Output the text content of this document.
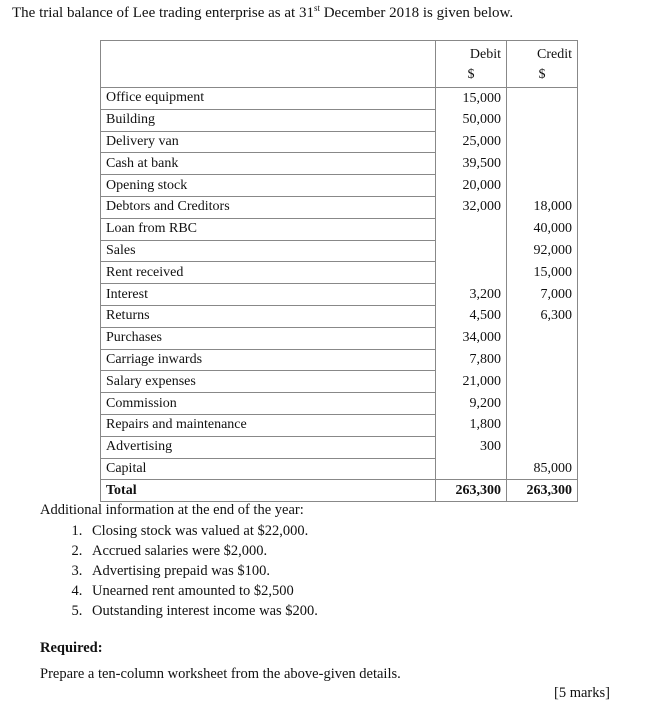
The trial balance of Lee trading enterprise as at 31st December 2018 is given below.
	Debit	Credit
	$	$
Office equipment	15,000	
Building	50,000	
Delivery van	25,000	
Cash at bank	39,500	
Opening stock	20,000	
Debtors and Creditors	32,000	18,000
Loan from RBC		40,000
Sales		92,000
Rent received		15,000
Interest	3,200	7,000
Returns	4,500	6,300
Purchases	34,000	
Carriage inwards	7,800	
Salary expenses	21,000	
Commission	9,200	
Repairs and maintenance	1,800	
Advertising	300	
Capital		85,000
Total	263,300	263,300

Additional information at the end of the year:

1. Closing stock was valued at $22,000.
2. Accrued salaries were $2,000.
3. Advertising prepaid was $100.
4. Unearned rent amounted to $2,500
5. Outstanding interest income was $200.
Required:
Prepare a ten-column worksheet from the above-given details.
[5 marks]
